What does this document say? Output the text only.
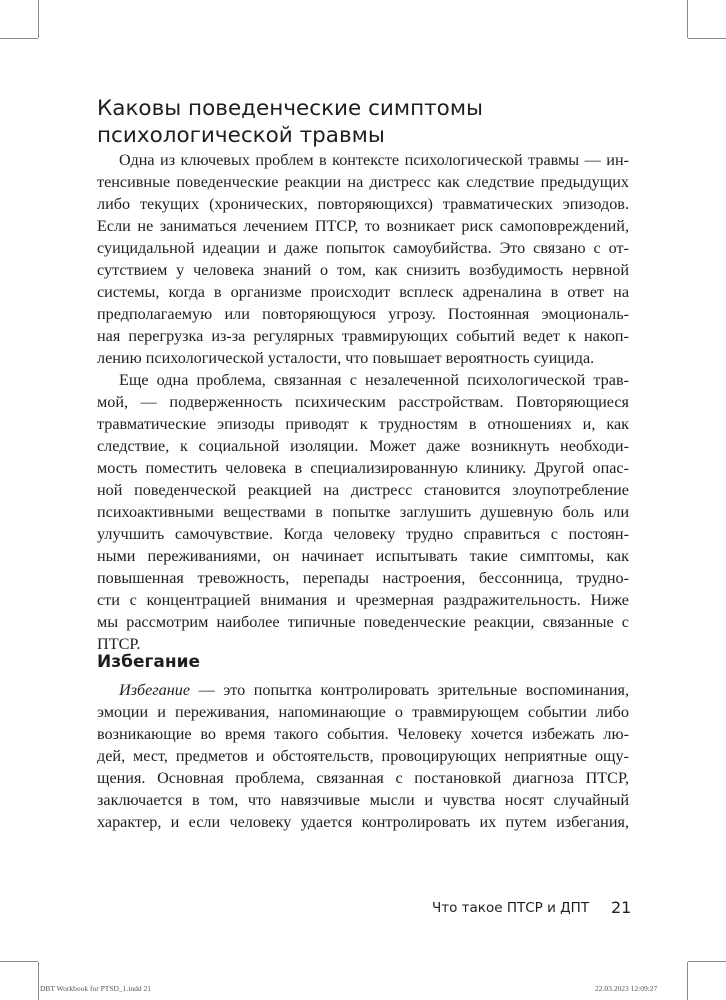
Каковы поведенческие симптомы
психологической травмы
Одна из ключевых проблем в контексте психологической травмы — ин-
тенсивные поведенческие реакции на дистресс как следствие предыдущих
либо текущих (хронических, повторяющихся) травматических эпизодов.
Если не заниматься лечением ПТСР, то возникает риск самоповреждений,
суицидальной идеации и даже попыток самоубийства. Это связано с от-
сутствием у человека знаний о том, как снизить возбудимость нервной
системы, когда в организме происходит всплеск адреналина в ответ на
предполагаемую или повторяющуюся угрозу. Постоянная эмоциональ-
ная перегрузка из-за регулярных травмирующих событий ведет к накоп-
лению психологической усталости, что повышает вероятность суицида.
Еще одна проблема, связанная с незалеченной психологической трав-
мой, — подверженность психическим расстройствам. Повторяющиеся
травматические эпизоды приводят к трудностям в отношениях и, как
следствие, к социальной изоляции. Может даже возникнуть необходи-
мость поместить человека в специализированную клинику. Другой опас-
ной поведенческой реакцией на дистресс становится злоупотребление
психоактивными веществами в попытке заглушить душевную боль или
улучшить самочувствие. Когда человеку трудно справиться с постоян-
ными переживаниями, он начинает испытывать такие симптомы, как
повышенная тревожность, перепады настроения, бессонница, трудно-
сти с концентрацией внимания и чрезмерная раздражительность. Ниже
мы рассмотрим наиболее типичные поведенческие реакции, связанные с
ПТСР.
Избегание
Избегание — это попытка контролировать зрительные воспоминания,
эмоции и переживания, напоминающие о травмирующем событии либо
возникающие во время такого события. Человеку хочется избежать лю-
дей, мест, предметов и обстоятельств, провоцирующих неприятные ощу-
щения. Основная проблема, связанная с постановкой диагноза ПТСР,
заключается в том, что навязчивые мысли и чувства носят случайный
характер, и если человеку удается контролировать их путем избегания,
Что такое ПТСР и ДПТ 21
DBT Workbook for PTSD_1.indd 21	22.03.2023 12:09:27
